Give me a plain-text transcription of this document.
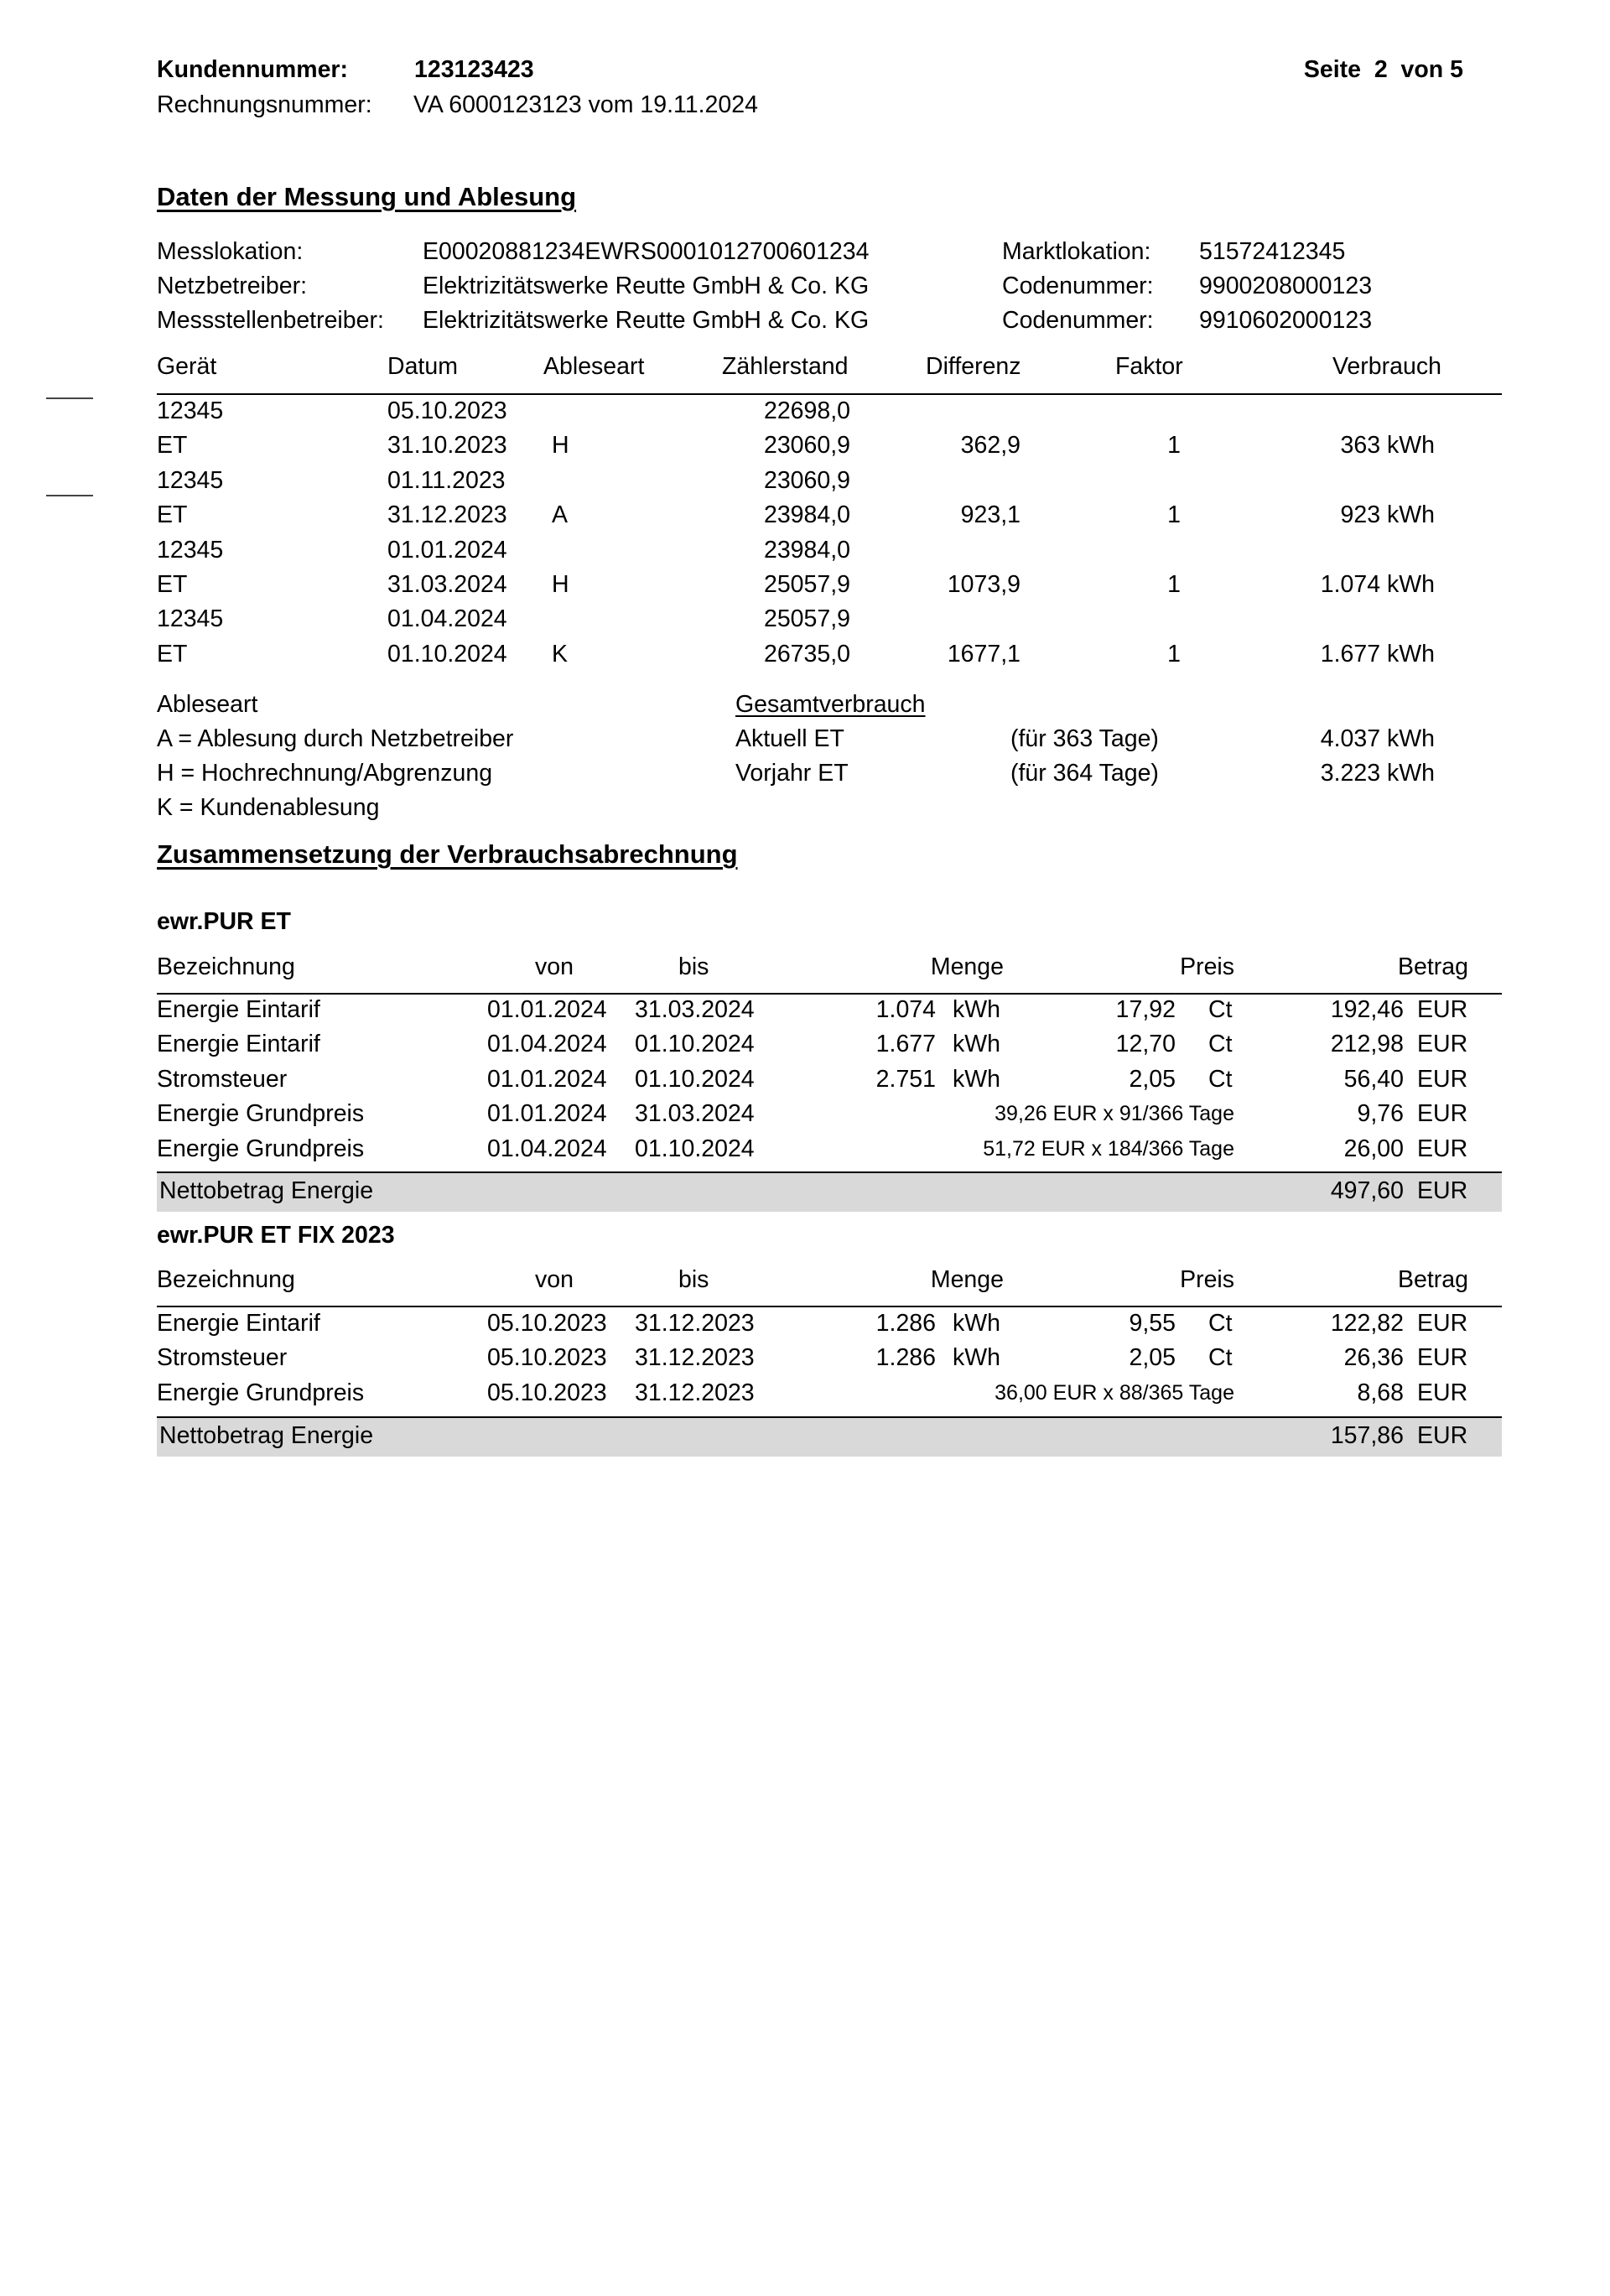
Kundennummer:	123123423	Seite  2  von 5
Rechnungsnummer: VA 6000123123 vom 19.11.2024
Daten der Messung und Ablesung
Messlokation:	E00020881234EWRS0001012700601234	Marktlokation: 51572412345
Netzbetreiber:	Elektrizitätswerke Reutte GmbH & Co. KG	Codenummer: 9900208000123
Messstellenbetreiber: Elektrizitätswerke Reutte GmbH & Co. KG	Codenummer: 9910602000123
Gerät	Datum	Ableseart	Zählerstand	Differenz	Faktor	Verbrauch
12345	05.10.2023	22698,0
ET	31.10.2023 H	23060,9	362,9	1	363 kWh
12345	01.11.2023	23060,9
ET	31.12.2023 A	23984,0	923,1	1	923 kWh
12345	01.01.2024	23984,0
ET	31.03.2024 H	25057,9	1073,9	1	1.074 kWh
12345	01.04.2024	25057,9
ET	01.10.2024 K	26735,0	1677,1	1	1.677 kWh
Ableseart
A = Ablesung durch Netzbetreiber
H = Hochrechnung/Abgrenzung
K = Kundenablesung
Gesamtverbrauch
Aktuell ET	(für 363 Tage)	4.037 kWh
Vorjahr ET	(für 364 Tage)	3.223 kWh
Zusammensetzung der Verbrauchsabrechnung
ewr.PUR ET
Bezeichnung	von	bis	Menge	Preis	Betrag
Energie Eintarif	01.01.2024 31.03.2024	1.074 kWh	17,92 Ct	192,46 EUR
Energie Eintarif	01.04.2024 01.10.2024	1.677 kWh	12,70 Ct	212,98 EUR
Stromsteuer	01.01.2024 01.10.2024	2.751 kWh	2,05 Ct	56,40 EUR
Energie Grundpreis	01.01.2024 31.03.2024	39,26 EUR x 91/366 Tage	9,76 EUR
Energie Grundpreis	01.04.2024 01.10.2024	51,72 EUR x 184/366 Tage	26,00 EUR
Nettobetrag Energie	497,60 EUR
ewr.PUR ET FIX 2023
Bezeichnung	von	bis	Menge	Preis	Betrag
Energie Eintarif	05.10.2023 31.12.2023	1.286 kWh	9,55 Ct	122,82 EUR
Stromsteuer	05.10.2023 31.12.2023	1.286 kWh	2,05 Ct	26,36 EUR
Energie Grundpreis	05.10.2023 31.12.2023	36,00 EUR x 88/365 Tage	8,68 EUR
Nettobetrag Energie	157,86 EUR
